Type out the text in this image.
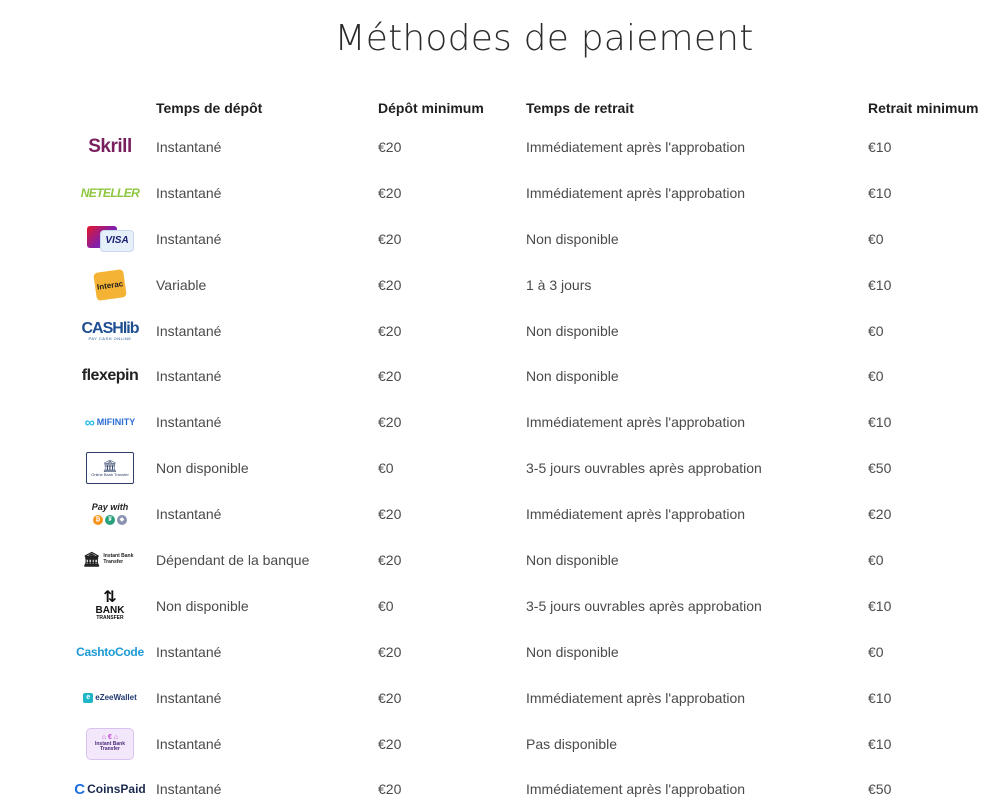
Méthodes de paiement
	Temps de dépôt	Dépôt minimum	Temps de retrait	Retrait minimum

Skrill	Instantané	€20	Immédiatement après l'approbation	€10

NETELLER	Instantané	€20	Immédiatement après l'approbation	€10

VISA	Instantané	€20	Non disponible	€0

Interac	Variable	€20	1 à 3 jours	€10

CASHlib
PAY CASH ONLINE	Instantané	€20	Non disponible	€0

flexepin	Instantané	€20	Non disponible	€0

∞ MIFINITY	Instantané	€20	Immédiatement après l'approbation	€10

🏛
Online Bank Transfer	Non disponible	€0	3-5 jours ouvrables après approbation	€50

Pay with
₿ ₮ ◆	Instantané	€20	Immédiatement après l'approbation	€20

🏛 Instant Bank Transfer	Dépendant de la banque	€20	Non disponible	€0

⇅
BANK
TRANSFER	Non disponible	€0	3-5 jours ouvrables après approbation	€10

CashtoCode	Instantané	€20	Non disponible	€0

e eZeeWallet	Instantané	€20	Immédiatement après l'approbation	€10

⌂ € ⌂
Instant Bank Transfer	Instantané	€20	Pas disponible	€10

C CoinsPaid	Instantané	€20	Immédiatement après l'approbation	€50
